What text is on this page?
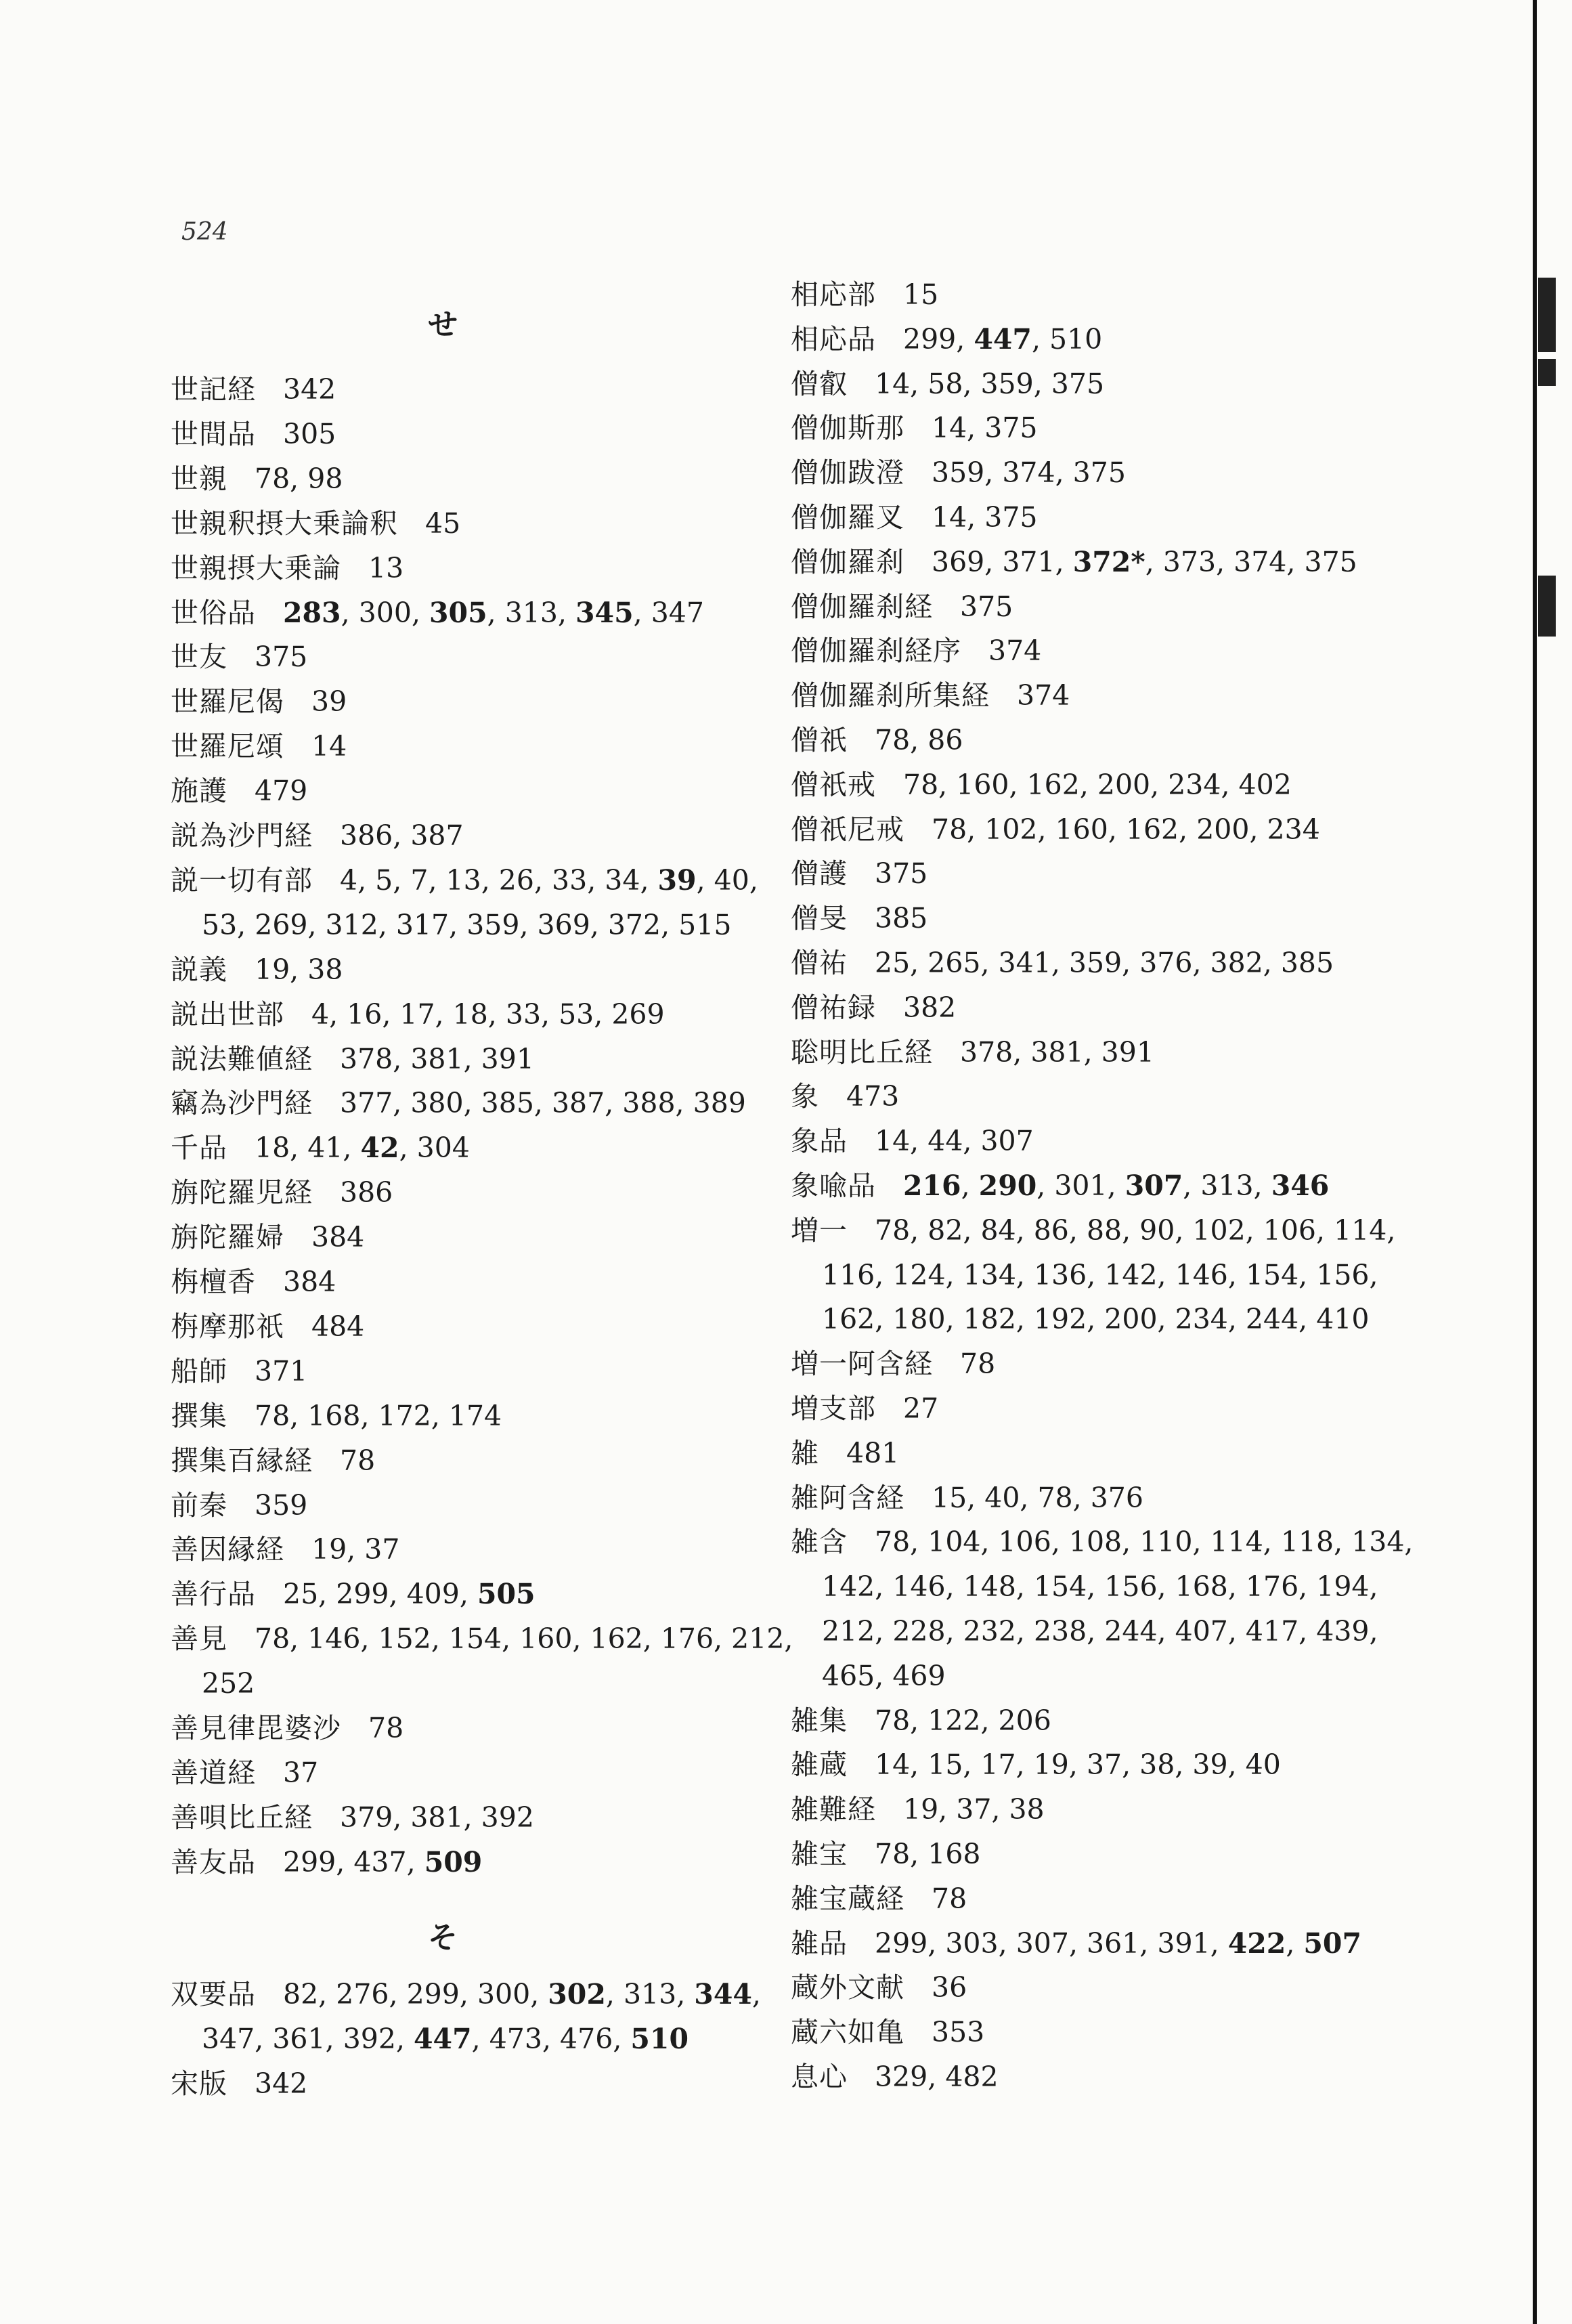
524
せ
そ
世記経 342
世間品 305
世親 78, 98
世親釈摂大乗論釈 45
世親摂大乗論 13
世俗品 283, 300, 305, 313, 345, 347
世友 375
世羅尼偈 39
世羅尼頌 14
施護 479
説為沙門経 386, 387
説一切有部 4, 5, 7, 13, 26, 33, 34, 39, 40,
53, 269, 312, 317, 359, 369, 372, 515
説義 19, 38
説出世部 4, 16, 17, 18, 33, 53, 269
説法難値経 378, 381, 391
竊為沙門経 377, 380, 385, 387, 388, 389
千品 18, 41, 42, 304
旃陀羅児経 386
旃陀羅婦 384
栴檀香 384
栴摩那祇 484
船師 371
撰集 78, 168, 172, 174
撰集百縁経 78
前秦 359
善因縁経 19, 37
善行品 25, 299, 409, 505
善見 78, 146, 152, 154, 160, 162, 176, 212,
252
善見律毘婆沙 78
善道経 37
善唄比丘経 379, 381, 392
善友品 299, 437, 509
双要品 82, 276, 299, 300, 302, 313, 344,
347, 361, 392, 447, 473, 476, 510
宋版 342
相応部 15
相応品 299, 447, 510
僧叡 14, 58, 359, 375
僧伽斯那 14, 375
僧伽跋澄 359, 374, 375
僧伽羅叉 14, 375
僧伽羅刹 369, 371, 372*, 373, 374, 375
僧伽羅刹経 375
僧伽羅刹経序 374
僧伽羅刹所集経 374
僧祇 78, 86
僧祇戒 78, 160, 162, 200, 234, 402
僧祇尼戒 78, 102, 160, 162, 200, 234
僧護 375
僧旻 385
僧祐 25, 265, 341, 359, 376, 382, 385
僧祐録 382
聡明比丘経 378, 381, 391
象 473
象品 14, 44, 307
象喩品 216, 290, 301, 307, 313, 346
増一 78, 82, 84, 86, 88, 90, 102, 106, 114,
116, 124, 134, 136, 142, 146, 154, 156,
162, 180, 182, 192, 200, 234, 244, 410
増一阿含経 78
増支部 27
雑 481
雑阿含経 15, 40, 78, 376
雑含 78, 104, 106, 108, 110, 114, 118, 134,
142, 146, 148, 154, 156, 168, 176, 194,
212, 228, 232, 238, 244, 407, 417, 439,
465, 469
雑集 78, 122, 206
雑蔵 14, 15, 17, 19, 37, 38, 39, 40
雑難経 19, 37, 38
雑宝 78, 168
雑宝蔵経 78
雑品 299, 303, 307, 361, 391, 422, 507
蔵外文献 36
蔵六如亀 353
息心 329, 482
